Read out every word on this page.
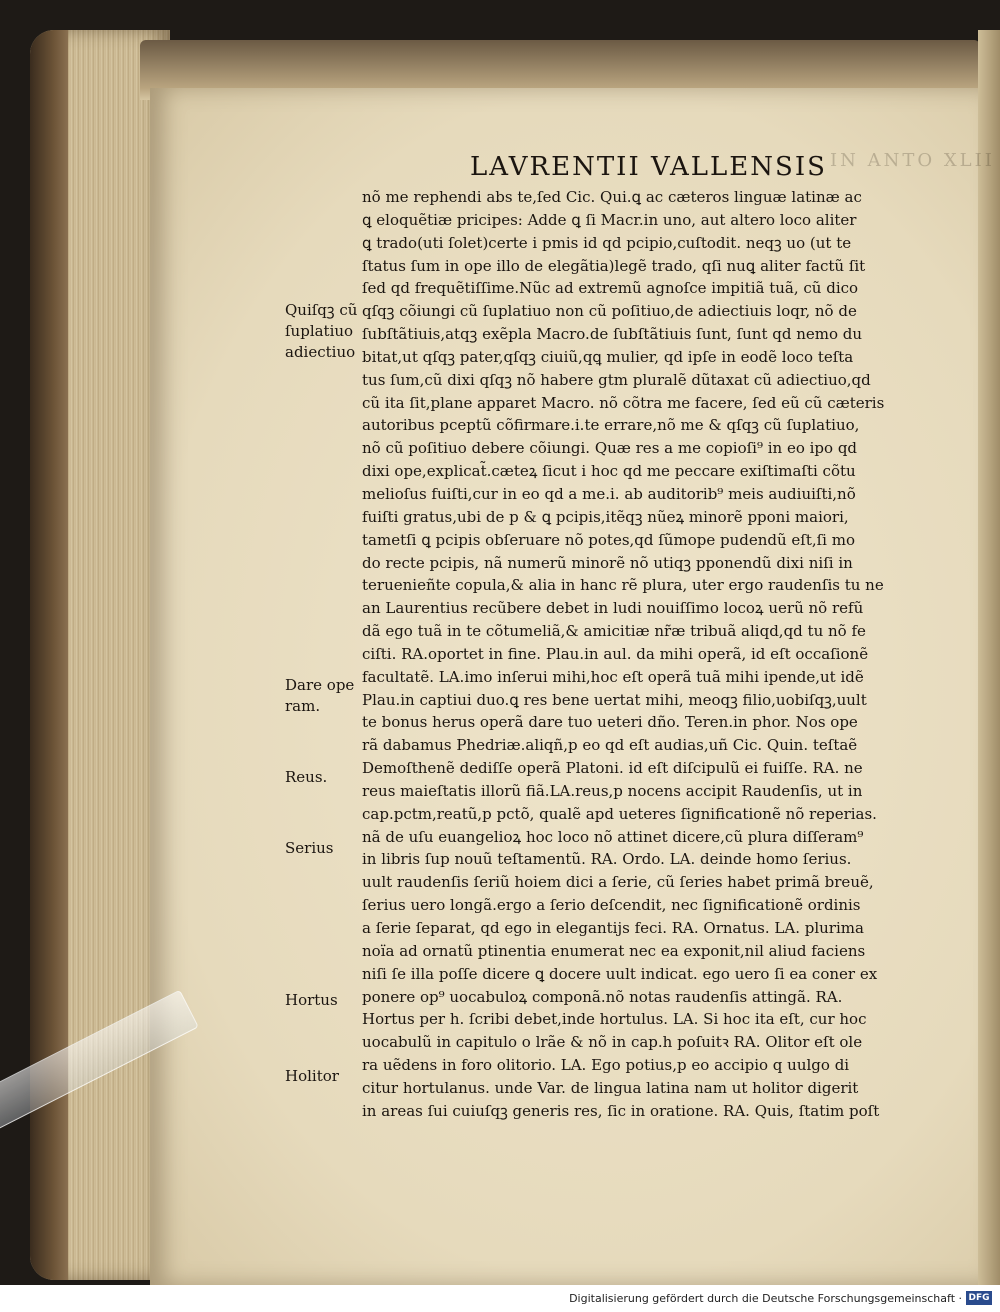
IN ANTO XLII
LAVRENTII VALLENSIS
nõ me rephendi abs te,ſed Cic. Qui.ꝗ ac cæteros linguæ latinæ ac
ꝗ eloquẽtiæ pricipes: Adde ꝗ ſi Macr.in uno, aut altero loco aliter
ꝗ trado(uti ſolet)certe i pmis id qd pcipio,cuſtodit. neqꝫ uo (ut te
ſtatus ſum in ope illo de elegãtia)legẽ trado, qſi nuꝗ aliter factũ ſit
ſed qd frequẽtiſſime.Nũc ad extremũ agnoſce impitiã tuã, cũ dico
qſqꝫ cõiungi cũ ſuplatiuo non cũ poſitiuo,de adiectiuis loqr, nõ de
ſubſtãtiuis,atqꝫ exẽpla Macro.de ſubſtãtiuis ſunt, ſunt qd nemo du
bitat,ut qſqꝫ pater,qſqꝫ ciuiũ,qꝗ mulier, qd ipſe in eodẽ loco teſta
tus ſum,cũ dixi qſqꝫ nõ habere gtm pluralẽ dũtaxat cũ adiectiuo,qd
cũ ita ſit,plane apparet Macro. nõ cõtra me facere, ſed eũ cũ cæteris
autoribus pceptũ cõfirmare.i.te errare,nõ me & qſqꝫ cũ ſuplatiuo,
nõ cũ poſitiuo debere cõiungi. Quæ res a me copioſi⁹ in eo ipo qd
dixi ope,explicat̃.cæteꝝ ſicut i hoc qd me peccare exiſtimaſti cõtu
melioſus fuiſti,cur in eo qd a me.i. ab auditorib⁹ meis audiuiſti,nõ
fuiſti gratus,ubi de p & ꝗ pcipis,itẽqꝫ nũeꝝ minorẽ pponi maiori,
tametſi ꝗ pcipis obſeruare nõ potes,qd ſũmope pudendũ eſt,ſi mo
do recte pcipis, nã numerũ minorẽ nõ utiqꝫ pponendũ dixi niſi in
teruenieñte copula,& alia in hanc rẽ plura, uter ergo raudenſis tu ne
an Laurentius recũbere debet in ludi nouiſſimo locoꝝ uerũ nõ refũ
dã ego tuã in te cõtumeliã,& amicitiæ nr̃æ tribuã aliqd,qd tu nõ fe
ciſti. RA.oportet in fine. Plau.in aul. da mihi operã, id eſt occaſionẽ
facultatẽ. LA.imo inſerui mihi,hoc eſt operã tuã mihi ipende,ut idẽ
Plau.in captiui duo.ꝗ res bene uertat mihi, meoqꝫ filio,uobiſqꝫ,uult
te bonus herus operã dare tuo ueteri dño. Teren.in phor. Nos ope
rã dabamus Phedriæ.aliqñ,p eo qd eſt audias,uñ Cic. Quin. teſtaẽ
Demoſthenẽ dediſſe operã Platoni. id eſt diſcipulũ ei fuiſſe. RA. ne
reus maieſtatis illorũ fiã.LA.reus,p nocens accipit Raudenſis, ut in
cap.pctm,reatũ,p pctõ, qualẽ apd ueteres ſignificationẽ nõ reperias.
nã de uſu euangelioꝝ hoc loco nõ attinet dicere,cũ plura diſſeram⁹
in libris ſup nouũ teſtamentũ. RA. Ordo. LA. deinde homo ſerius.
uult raudenſis ſeriũ hoiem dici a ſerie, cũ ſeries habet primã breuẽ,
ſerius uero longã.ergo a ſerio deſcendit, nec ſignificationẽ ordinis
a ſerie ſeparat, qd ego in elegantijs feci. RA. Ornatus. LA. plurima
noïa ad ornatũ ptinentia enumerat nec ea exponit,nil aliud faciens
niſi ſe illa poſſe dicere ꝗ docere uult indicat. ego uero ſi ea coner ex
ponere op⁹ uocabuloꝝ componã.nõ notas raudenſis attingã. RA.
Hortus per h. ſcribi debet,inde hortulus. LA. Si hoc ita eſt, cur hoc
uocabulũ in capitulo o lrãe & nõ in cap.h poſuitꝛ RA. Olitor eſt ole
ra uẽdens in foro olitorio. LA. Ego potius,p eo accipio q uulgo di
citur hortulanus. unde Var. de lingua latina nam ut holitor digerit
in areas ſui cuiuſqꝫ generis res, ſic in oratione. RA. Quis, ſtatim poſt
Quiſqꝫ cũ
ſuplatiuo
adiectiuo
Dare ope
ram.
Reus.
Serius
Hortus
Holitor
Digitalisierung gefördert durch die Deutsche Forschungsgemeinschaft · DFG
